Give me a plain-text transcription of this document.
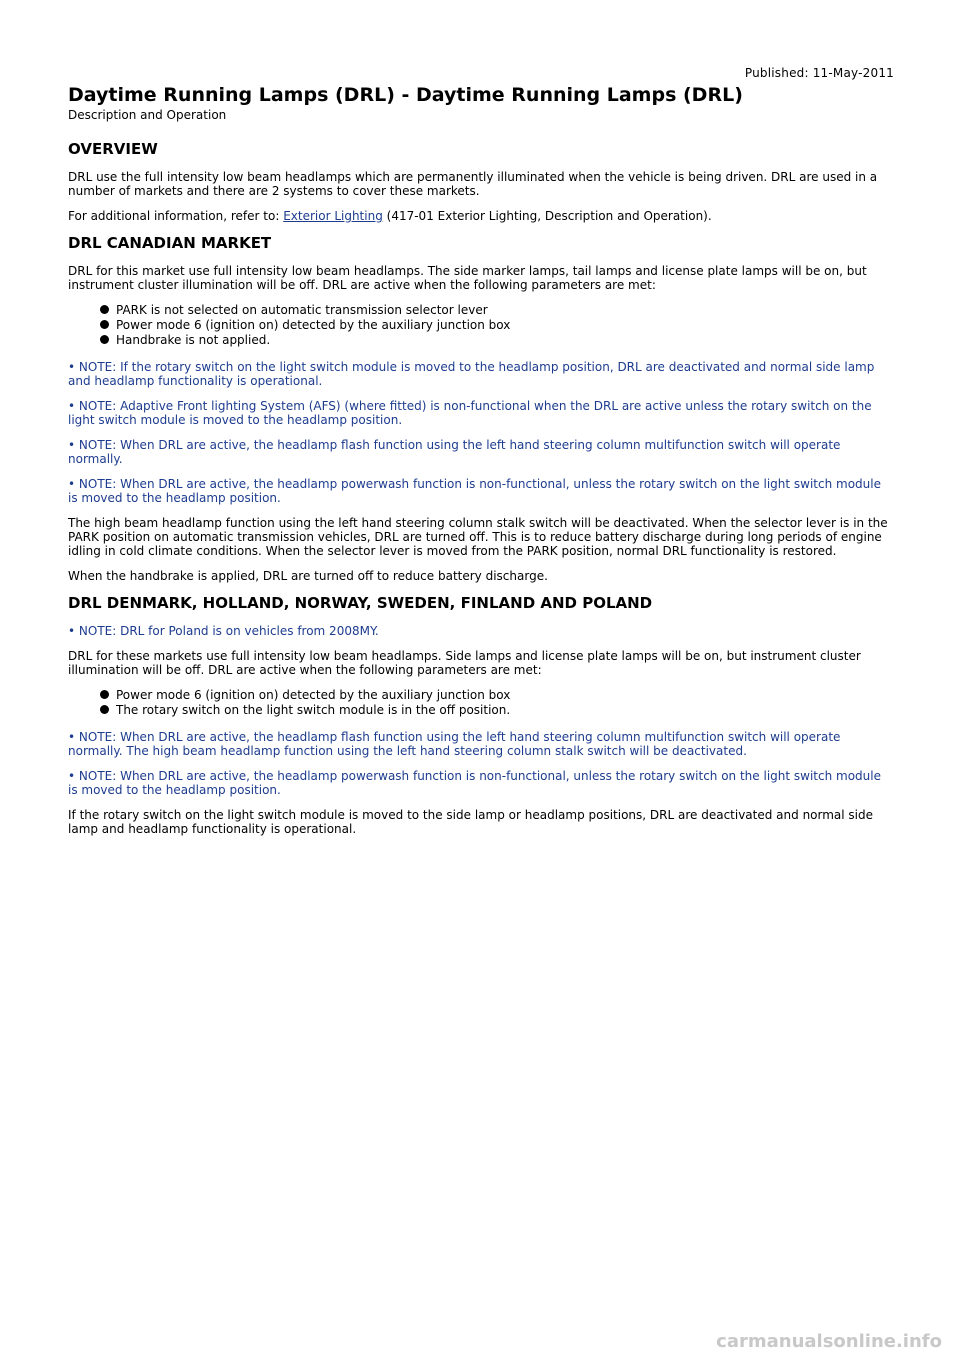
Published: 11-May-2011
Daytime Running Lamps (DRL) - Daytime Running Lamps (DRL)
Description and Operation
OVERVIEW

DRL use the full intensity low beam headlamps which are permanently illuminated when the vehicle is being driven. DRL are used in a number of markets and there are 2 systems to cover these markets.

For additional information, refer to: Exterior Lighting (417-01 Exterior Lighting, Description and Operation).

DRL CANADIAN MARKET

DRL for this market use full intensity low beam headlamps. The side marker lamps, tail lamps and license plate lamps will be on, but instrument cluster illumination will be off. DRL are active when the following parameters are met:

PARK is not selected on automatic transmission selector lever
Power mode 6 (ignition on) detected by the auxiliary junction box
Handbrake is not applied.

• NOTE: If the rotary switch on the light switch module is moved to the headlamp position, DRL are deactivated and normal side lamp and headlamp functionality is operational.

• NOTE: Adaptive Front lighting System (AFS) (where fitted) is non-functional when the DRL are active unless the rotary switch on the light switch module is moved to the headlamp position.

• NOTE: When DRL are active, the headlamp flash function using the left hand steering column multifunction switch will operate normally.

• NOTE: When DRL are active, the headlamp powerwash function is non-functional, unless the rotary switch on the light switch module is moved to the headlamp position.

The high beam headlamp function using the left hand steering column stalk switch will be deactivated. When the selector lever is in the PARK position on automatic transmission vehicles, DRL are turned off. This is to reduce battery discharge during long periods of engine idling in cold climate conditions. When the selector lever is moved from the PARK position, normal DRL functionality is restored.

When the handbrake is applied, DRL are turned off to reduce battery discharge.

DRL DENMARK, HOLLAND, NORWAY, SWEDEN, FINLAND AND POLAND

• NOTE: DRL for Poland is on vehicles from 2008MY.

DRL for these markets use full intensity low beam headlamps. Side lamps and license plate lamps will be on, but instrument cluster illumination will be off. DRL are active when the following parameters are met:

Power mode 6 (ignition on) detected by the auxiliary junction box
The rotary switch on the light switch module is in the off position.

• NOTE: When DRL are active, the headlamp flash function using the left hand steering column multifunction switch will operate normally. The high beam headlamp function using the left hand steering column stalk switch will be deactivated.

• NOTE: When DRL are active, the headlamp powerwash function is non-functional, unless the rotary switch on the light switch module is moved to the headlamp position.

If the rotary switch on the light switch module is moved to the side lamp or headlamp positions, DRL are deactivated and normal side lamp and headlamp functionality is operational.

carmanualsonline.info
